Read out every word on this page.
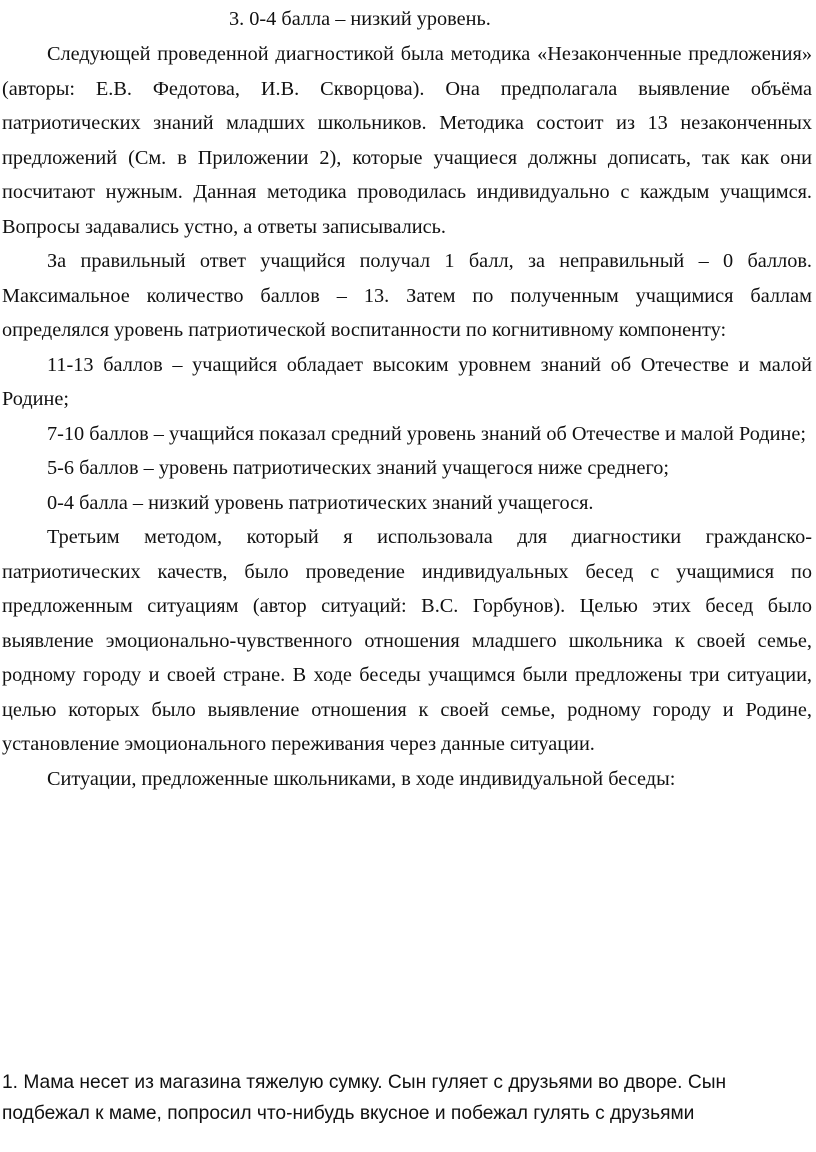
3. 0-4 балла – низкий уровень.

Следующей проведенной диагностикой была методика «Незаконченные предложения» (авторы: Е.В. Федотова, И.В. Скворцова). Она предполагала выявление объёма патриотических знаний младших школьников. Методика состоит из 13 незаконченных предложений (См. в Приложении 2), которые учащиеся должны дописать, так как они посчитают нужным. Данная методика проводилась индивидуально с каждым учащимся. Вопросы задавались устно, а ответы записывались.

За правильный ответ учащийся получал 1 балл, за неправильный – 0 баллов. Максимальное количество баллов – 13. Затем по полученным учащимися баллам определялся уровень патриотической воспитанности по когнитивному компоненту:

11-13 баллов – учащийся обладает высоким уровнем знаний об Отечестве и малой Родине;

7-10 баллов – учащийся показал средний уровень знаний об Отечестве и малой Родине;

5-6 баллов – уровень патриотических знаний учащегося ниже среднего;

0-4 балла – низкий уровень патриотических знаний учащегося.

Третьим методом, который я использовала для диагностики гражданско-патриотических качеств, было проведение индивидуальных бесед с учащимися по предложенным ситуациям (автор ситуаций: В.С. Горбунов). Целью этих бесед было выявление эмоционально-чувственного отношения младшего школьника к своей семье, родному городу и своей стране. В ходе беседы учащимся были предложены три ситуации, целью которых было выявление отношения к своей семье, родному городу и Родине, установление эмоционального переживания через данные ситуации.

Ситуации, предложенные школьниками, в ходе индивидуальной беседы:

1. Мама несет из магазина тяжелую сумку. Сын гуляет с друзьями во дворе. Сын подбежал к маме, попросил что-нибудь вкусное и побежал гулять с друзьями
